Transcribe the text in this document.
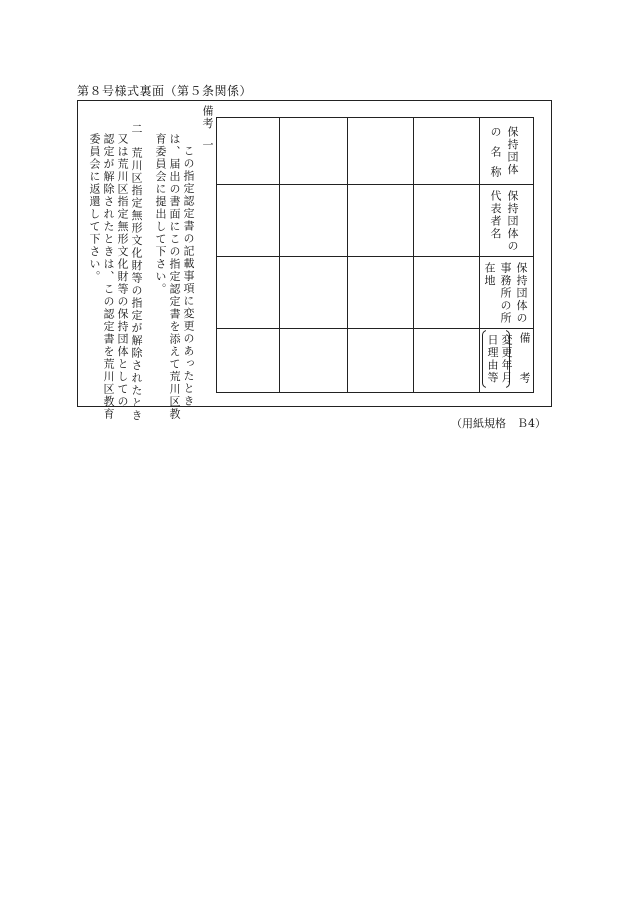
第８号様式裏面（第５条関係）
備考
一
この指定認定書の記載事項に変更のあったとき
は、届出の書面にこの指定認定書を添えて荒川区教
育委員会に提出して下さい。
二
荒川区指定無形文化財等の指定が解除されたとき
又は荒川区指定無形文化財等の保持団体としての
認定が解除されたときは、この認定書を荒川区教育
委員会に返還して下さい。	保持団体
の名称
保持団体の
代表者名
保持団体の
事務所の所
在地
備
考
変更年月
日理由等
（用紙規格　Ｂ4）
